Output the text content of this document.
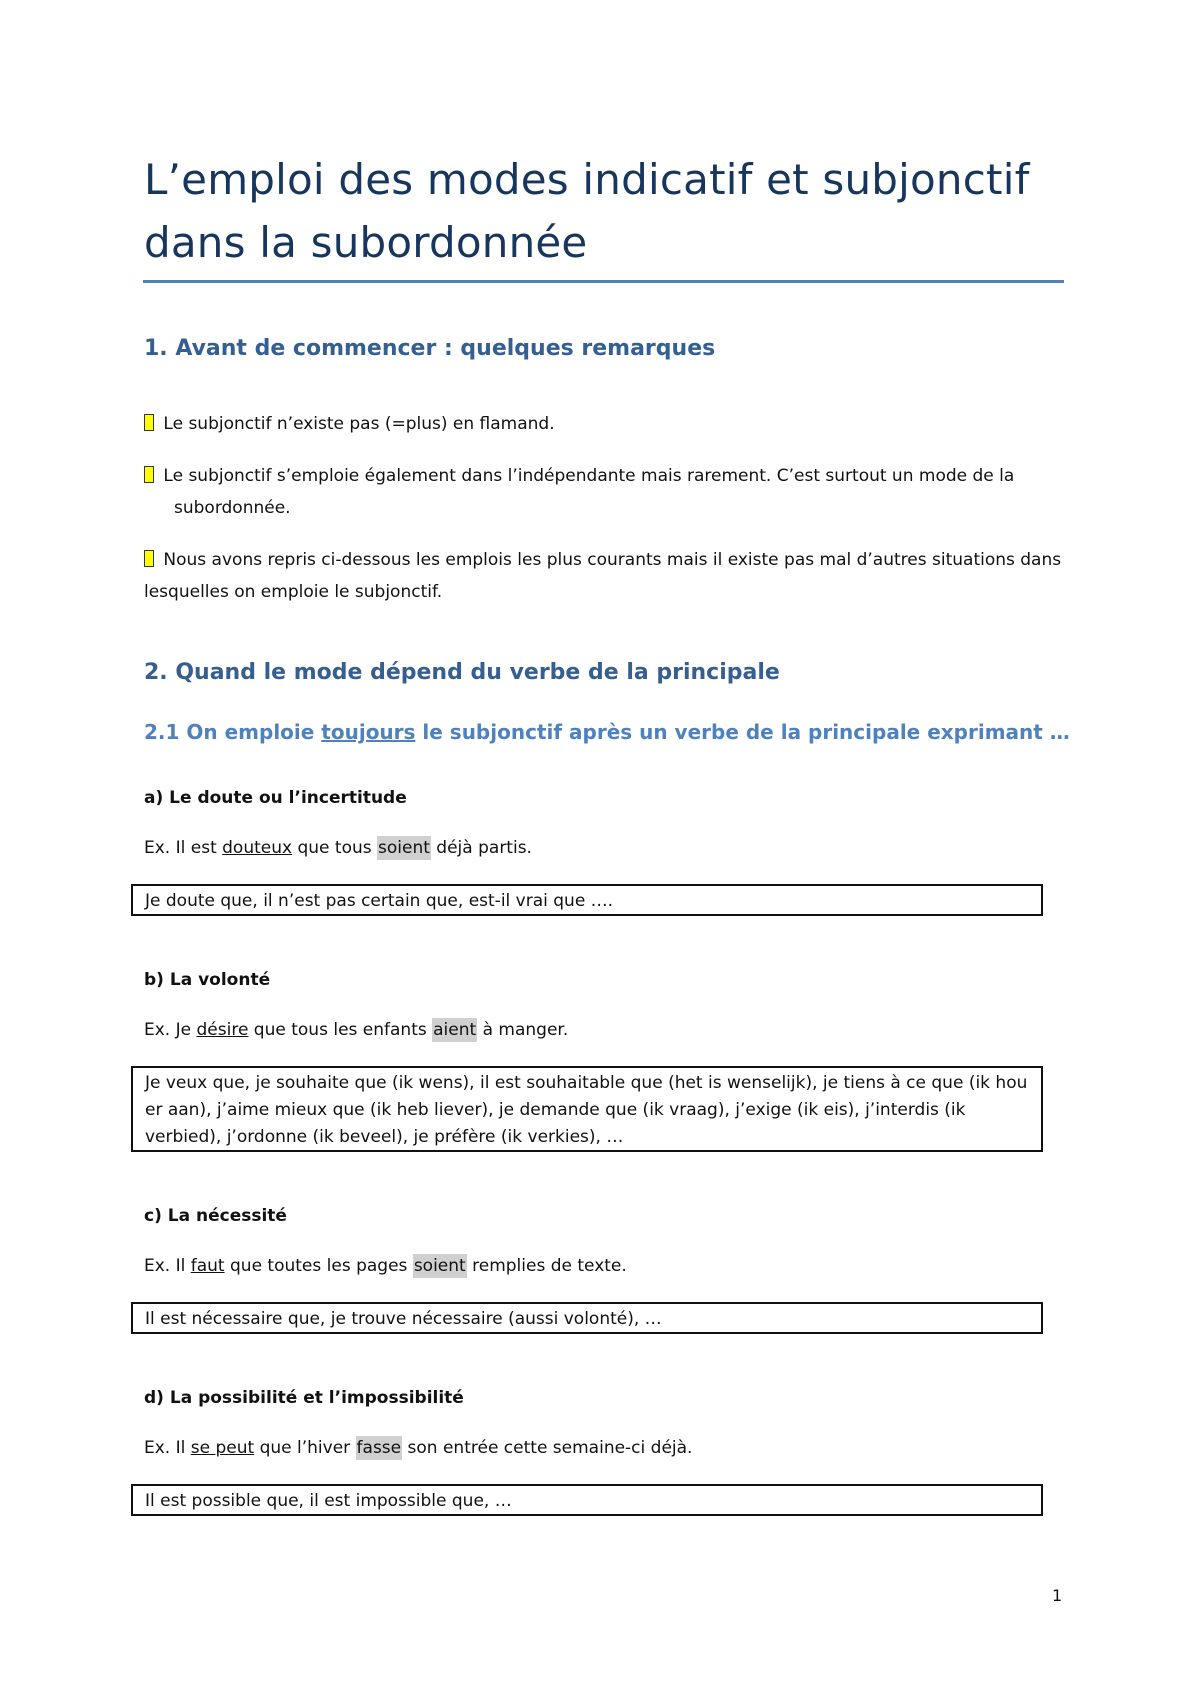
L’emploi des modes indicatif et subjonctif dans la subordonnée
1. Avant de commencer : quelques remarques

Le subjonctif n’existe pas (=plus) en flamand.

Le subjonctif s’emploie également dans l’indépendante mais rarement. C’est surtout un mode de la subordonnée.

Nous avons repris ci-dessous les emplois les plus courants mais il existe pas mal d’autres situations dans lesquelles on emploie le subjonctif.

2. Quand le mode dépend du verbe de la principale
2.1 On emploie toujours le subjonctif après un verbe de la principale exprimant …
a) Le doute ou l’incertitude

Ex. Il est douteux que tous soient déjà partis.

Je doute que, il n’est pas certain que, est-il vrai que ….
b) La volonté

Ex. Je désire que tous les enfants aient à manger.

Je veux que, je souhaite que (ik wens), il est souhaitable que (het is wenselijk), je tiens à ce que (ik hou er aan), j’aime mieux que (ik heb liever), je demande que (ik vraag), j’exige (ik eis), j’interdis (ik verbied), j’ordonne (ik beveel), je préfère (ik verkies), …
c) La nécessité

Ex. Il faut que toutes les pages soient remplies de texte.

Il est nécessaire que, je trouve nécessaire (aussi volonté), …
d) La possibilité et l’impossibilité

Ex. Il se peut que l’hiver fasse son entrée cette semaine-ci déjà.

Il est possible que, il est impossible que, …
1
